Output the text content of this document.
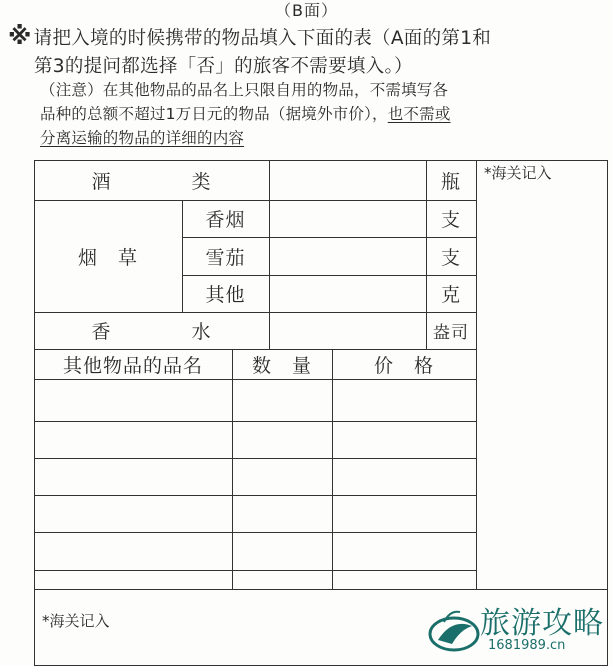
（B面）
※ 请把入境的时候携带的物品填入下面的表（A面的第1和
第3的提问都选择「否」的旅客不需要填入。）
（注意）在其他物品的品名上只限自用的物品，不需填写各
品种的总额不超过1万日元的物品（据境外市价），也不需或
分离运输的物品的详细的内容
酒　　　　类	瓶
烟　草
香烟	支
雪茄	支
其他	克
香　　　　水	盎司
*海关记入
其他物品的品名	数　量	价　格
*海关记入	旅游攻略
1681989.cn
